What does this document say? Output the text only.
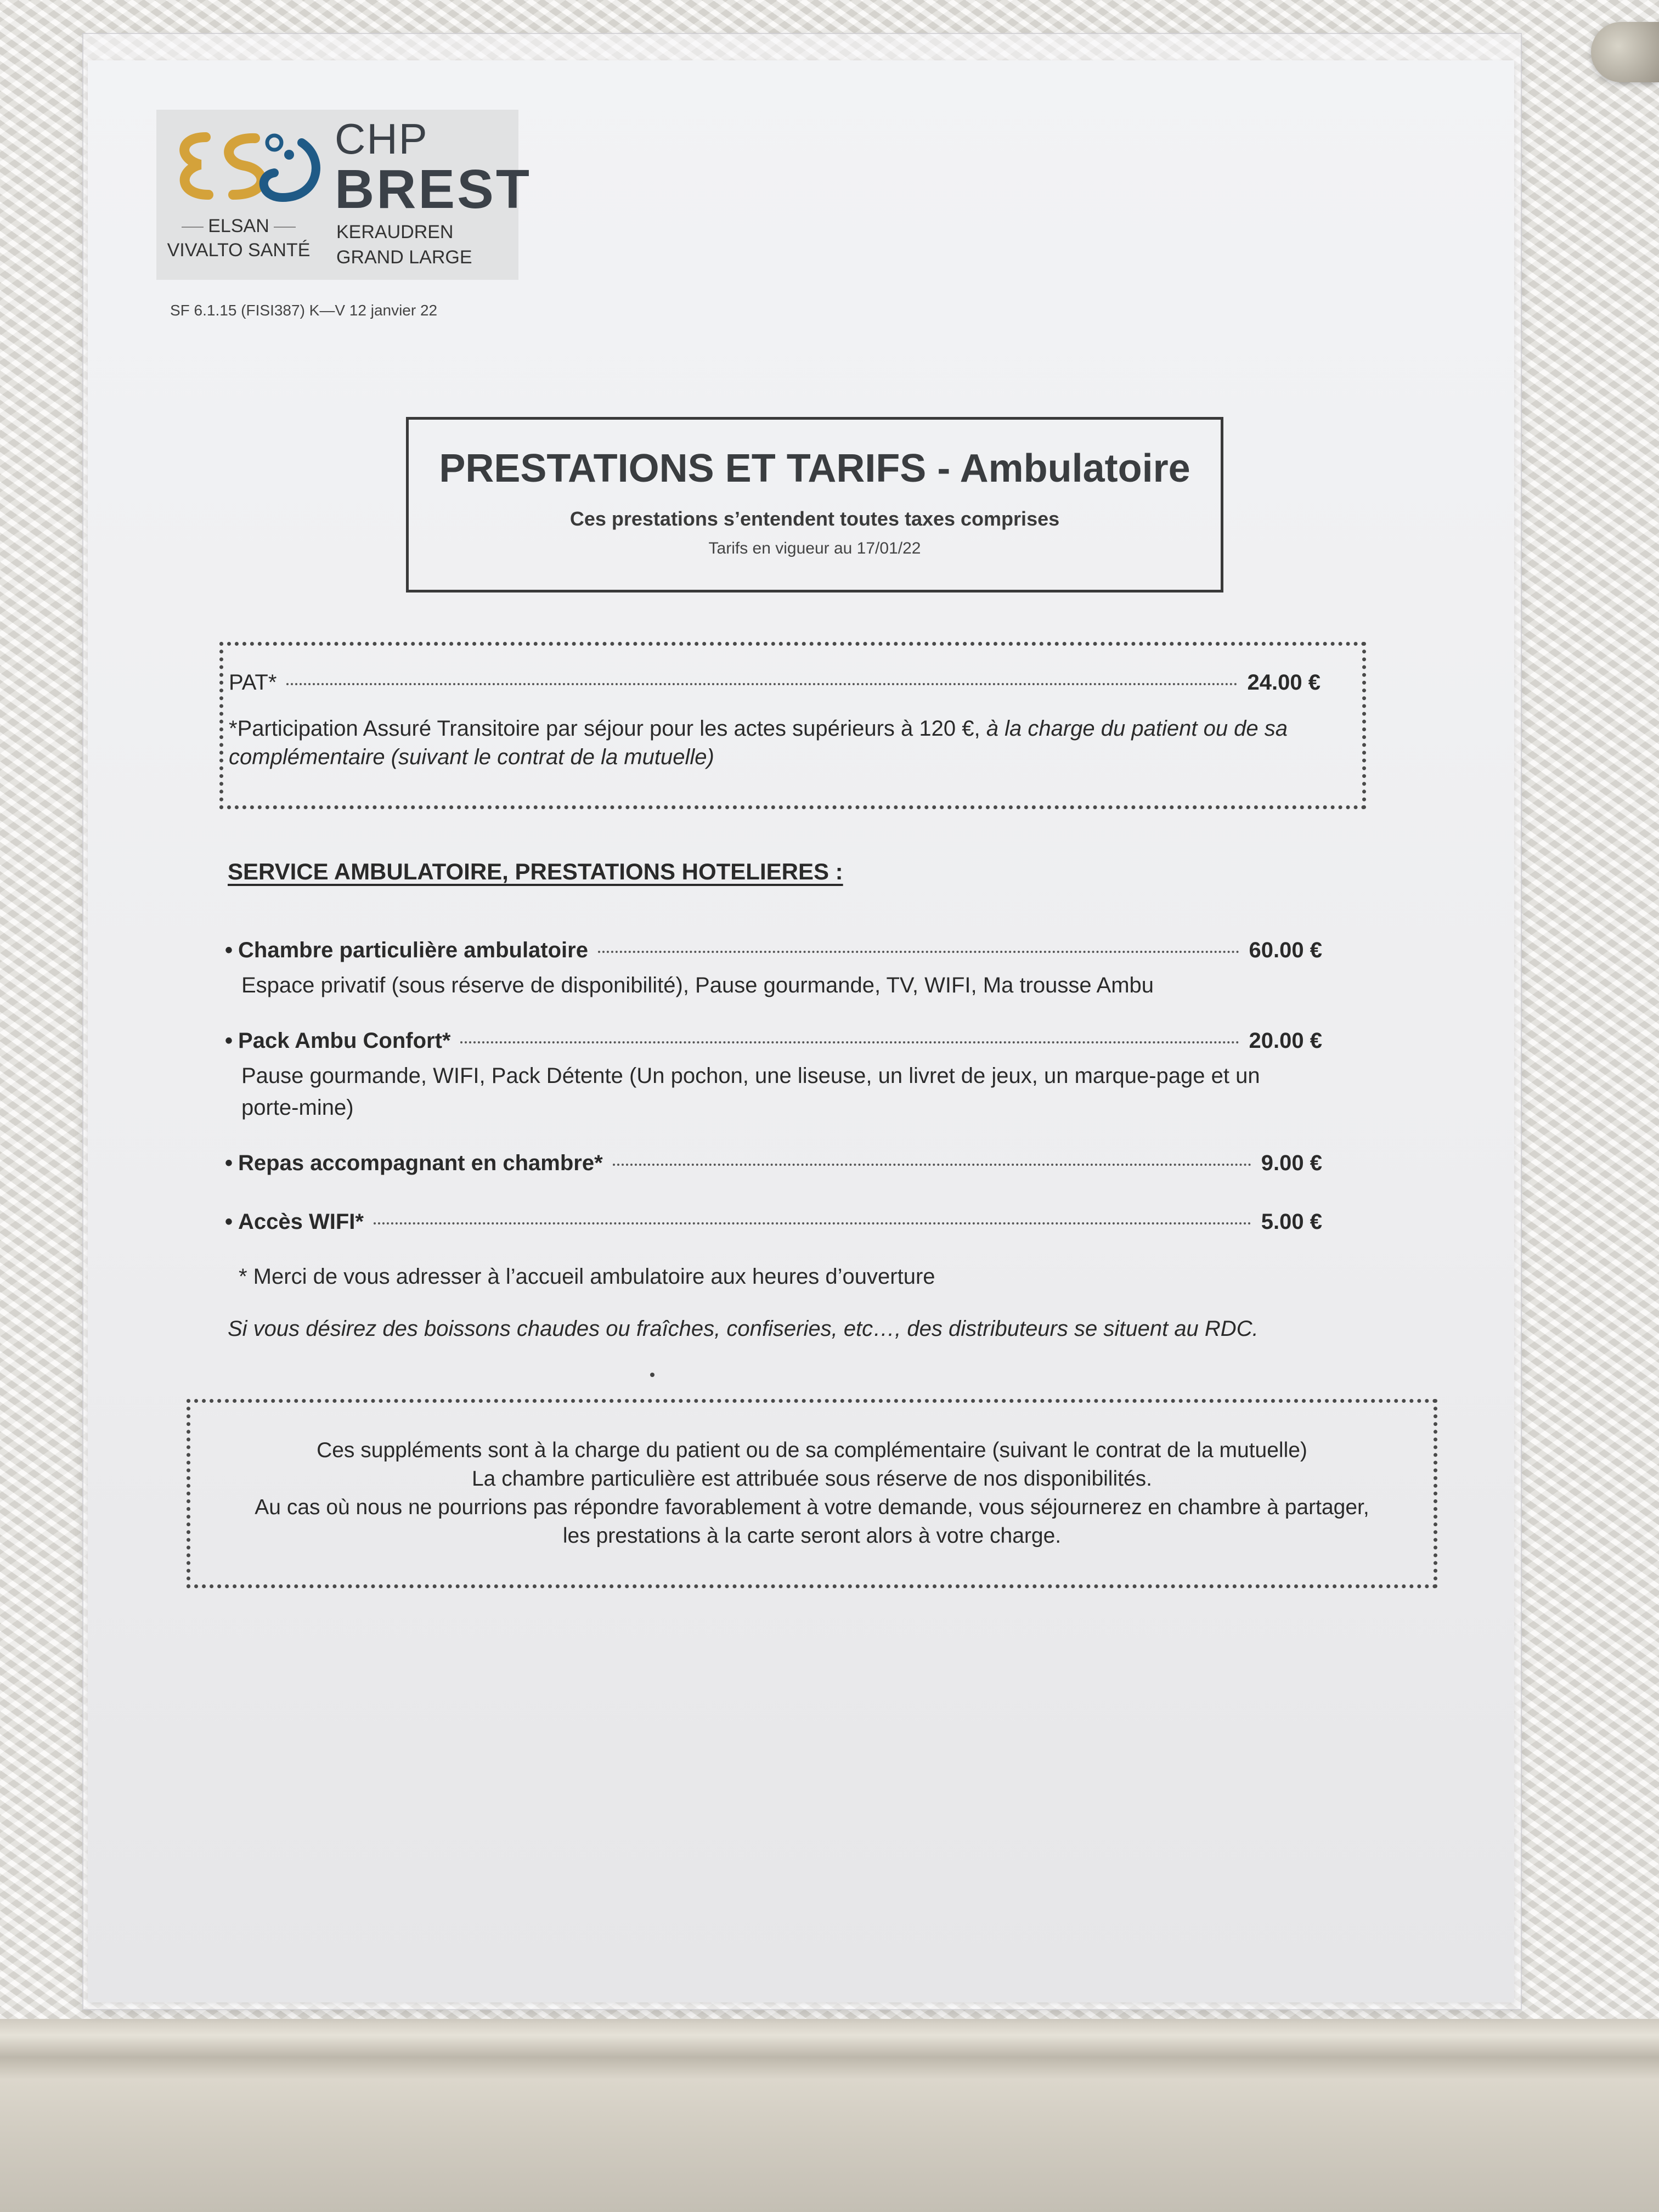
ELSAN
VIVALTO SANTÉ
CHP
BREST
KERAUDREN
GRAND LARGE
SF 6.1.15 (FISI387) K—V 12 janvier 22
PRESTATIONS ET TARIFS - Ambulatoire
Ces prestations s’entendent toutes taxes comprises
Tarifs en vigueur au 17/01/22
PAT*	24.00 €
*Participation Assuré Transitoire par séjour pour les actes supérieurs à 120 €, à la charge du patient ou de sa complémentaire (suivant le contrat de la mutuelle)
SERVICE AMBULATOIRE, PRESTATIONS HOTELIERES :
• Chambre particulière ambulatoire	60.00 €
Espace privatif (sous réserve de disponibilité), Pause gourmande, TV, WIFI, Ma trousse Ambu
• Pack Ambu Confort*	20.00 €
Pause gourmande, WIFI, Pack Détente (Un pochon, une liseuse, un livret de jeux, un marque-page et un porte-mine)
• Repas accompagnant en chambre*	9.00 €
• Accès WIFI*	5.00 €
* Merci de vous adresser à l’accueil ambulatoire aux heures d’ouverture
Si vous désirez des boissons chaudes ou fraîches, confiseries, etc…, des distributeurs se situent au RDC.
Ces suppléments sont à la charge du patient ou de sa complémentaire (suivant le contrat de la mutuelle)
La chambre particulière est attribuée sous réserve de nos disponibilités.
Au cas où nous ne pourrions pas répondre favorablement à votre demande, vous séjournerez en chambre à partager,
les prestations à la carte seront alors à votre charge.
